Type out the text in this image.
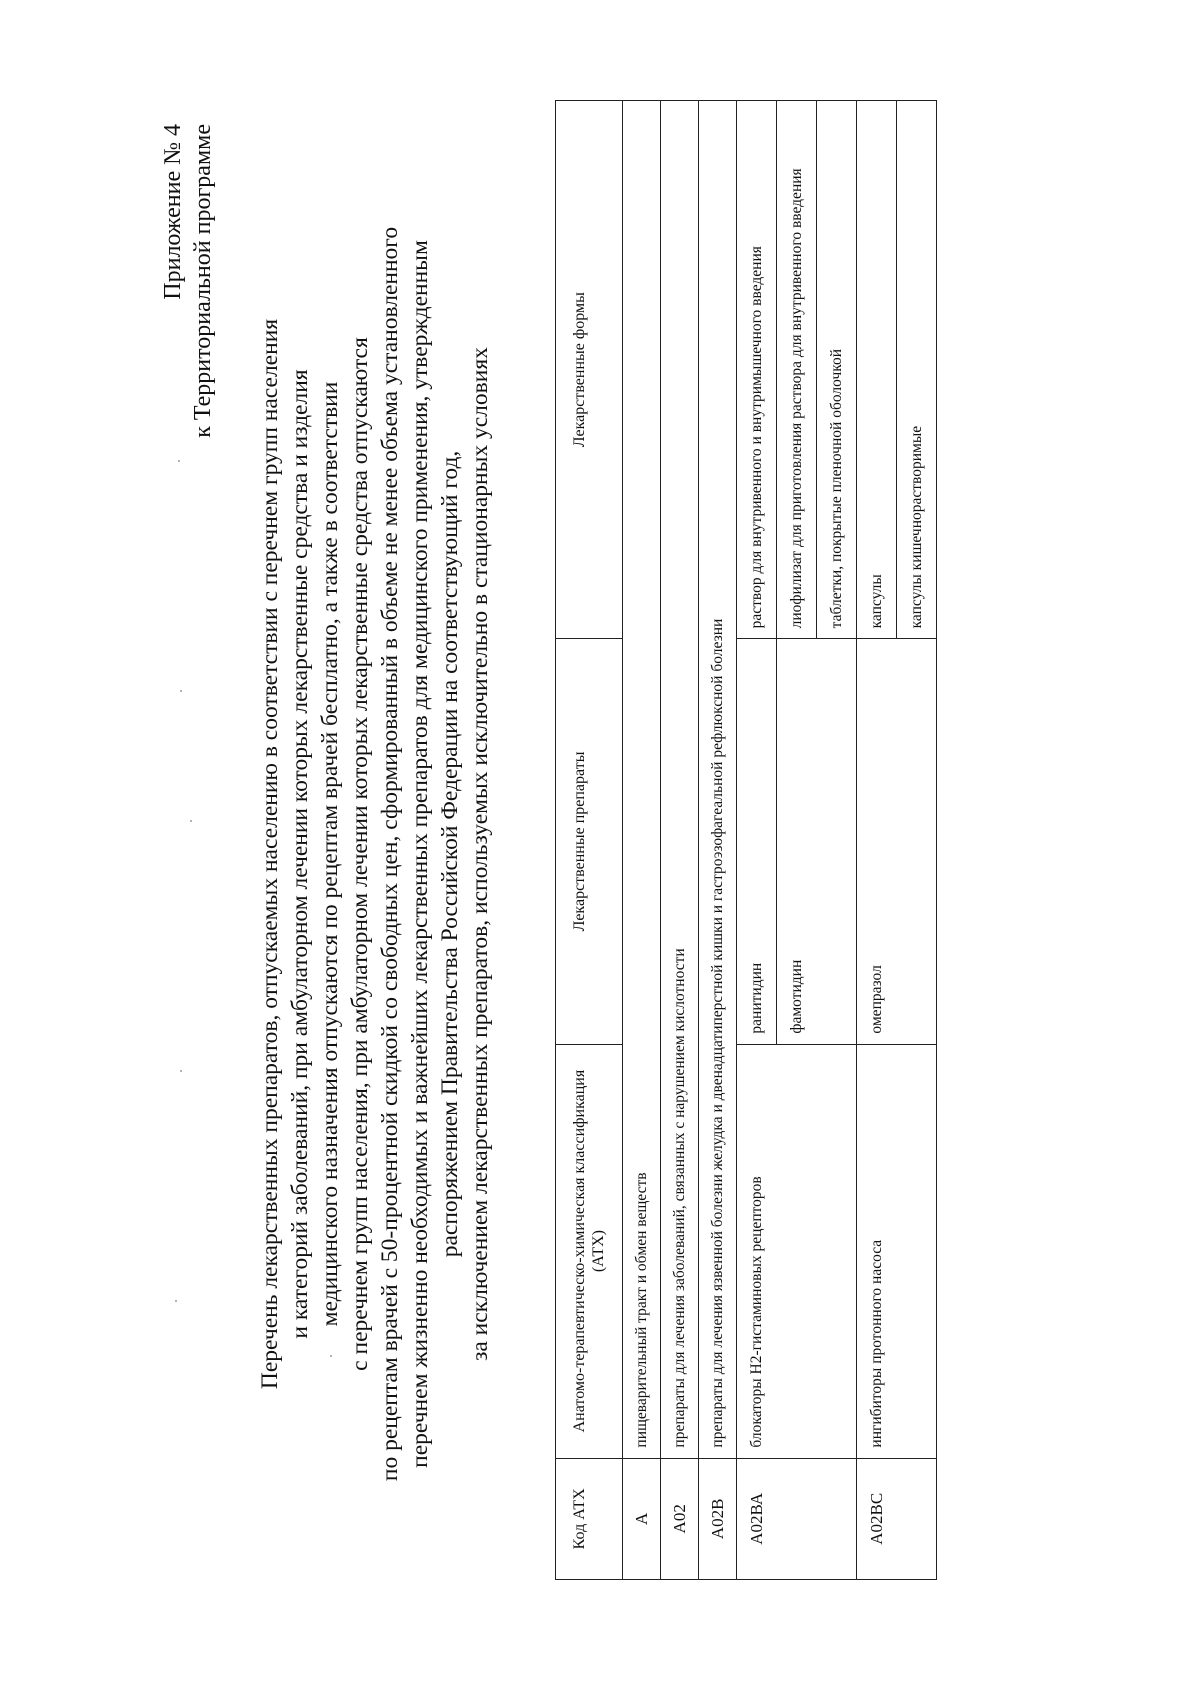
Приложение № 4 к Территориальной программе
Перечень лекарственных препаратов, отпускаемых населению в соответствии с перечнем групп населения и категорий заболеваний, при амбулаторном лечении которых лекарственные средства и изделия медицинского назначения отпускаются по рецептам врачей бесплатно, а также в соответствии с перечнем групп населения, при амбулаторном лечении которых лекарственные средства отпускаются по рецептам врачей с 50-процентной скидкой со свободных цен, сформированный в объеме не менее объема установленного перечнем жизненно необходимых и важнейших лекарственных препаратов для медицинского применения, утвержденным распоряжением Правительства Российской Федерации на соответствующий год, за исключением лекарственных препаратов, используемых исключительно в стационарных условиях
Код АТХ	Анатомо-терапевтическо-химическая классификация (АТХ)	Лекарственные препараты	Лекарственные формы
А	пищеварительный тракт и обмен веществ		
А02	препараты для лечения заболеваний, связанных с нарушением кислотности		
А02В	препараты для лечения язвенной болезни желудка и двенадцатиперстной кишки и гастроэзофагеальной рефлюксной болезни		
А02ВА	блокаторы Н2-гистаминовых рецепторов	ранитидин	раствор для внутривенного и внутримышечного введения
		фамотидин	лиофилизат для приготовления раствора для внутривенного введения
			таблетки, покрытые пленочной оболочкой
А02ВС	ингибиторы протонного насоса	омепразол	капсулы
			капсулы кишечнорастворимые
